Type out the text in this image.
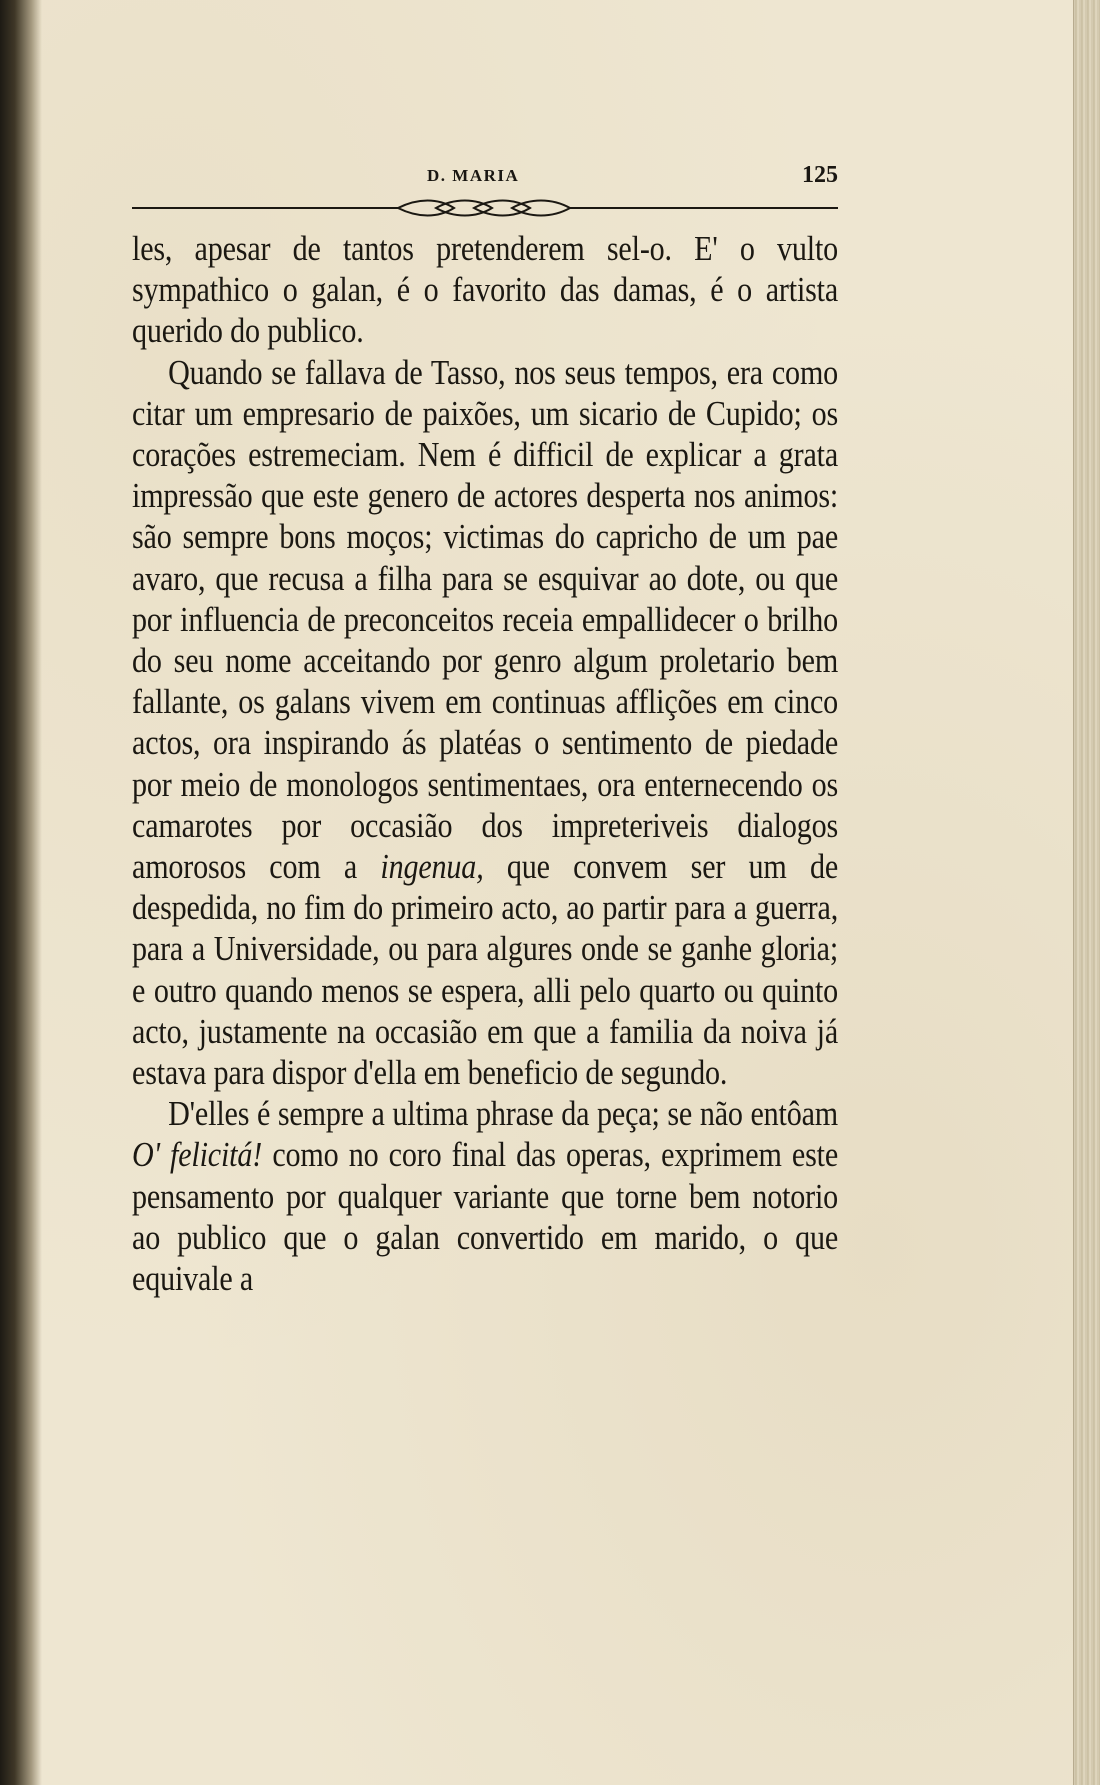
D. MARIA	125

les, apesar de tantos pretenderem sel-o. E' o vulto sympathico o galan, é o favorito das damas, é o artista querido do publico.

Quando se fallava de Tasso, nos seus tempos, era como citar um empresario de paixões, um sicario de Cupido; os corações estremeciam. Nem é difficil de explicar a grata impressão que este genero de actores desperta nos animos: são sempre bons moços; victimas do capricho de um pae avaro, que recusa a filha para se esquivar ao dote, ou que por influencia de preconceitos receia empallidecer o brilho do seu nome acceitando por genro algum proletario bem fallante, os galans vivem em continuas afflições em cinco actos, ora inspirando ás platéas o sentimento de piedade por meio de monologos sentimentaes, ora enternecendo os camarotes por occasião dos impreteriveis dialogos amorosos com a ingenua, que convem ser um de despedida, no fim do primeiro acto, ao partir para a guerra, para a Universidade, ou para algures onde se ganhe gloria; e outro quando menos se espera, alli pelo quarto ou quinto acto, justamente na occasião em que a familia da noiva já estava para dispor d'ella em beneficio de segundo.

D'elles é sempre a ultima phrase da peça; se não entôam O' felicitá! como no coro final das operas, exprimem este pensamento por qualquer variante que torne bem notorio ao publico que o galan convertido em marido, o que equivale a
